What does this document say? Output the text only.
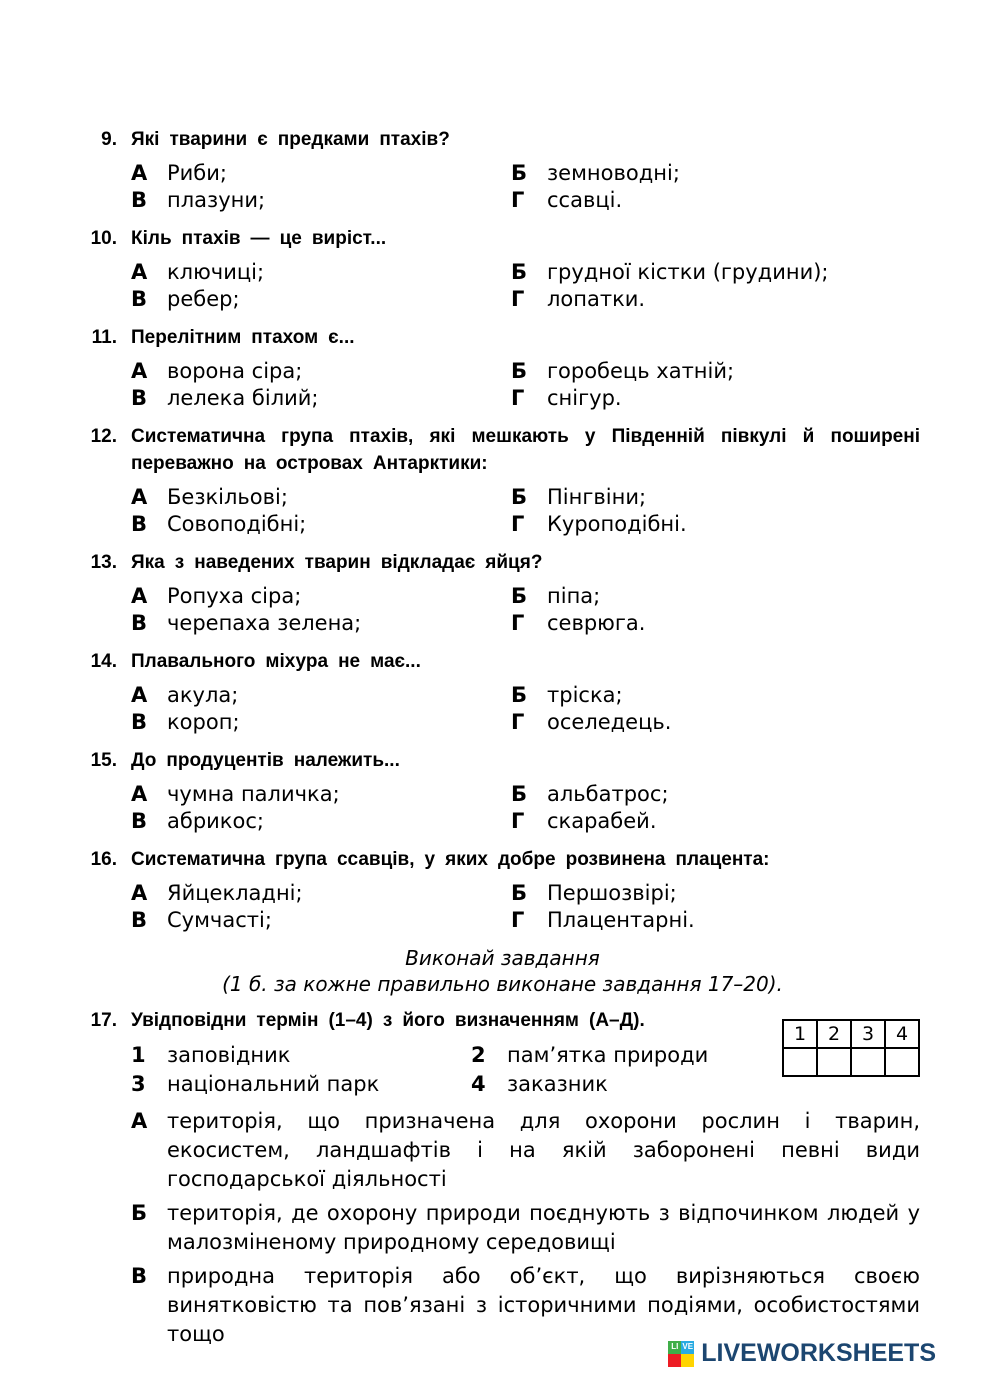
9. Які тварини є предками птахів?
А Риби;	Б земноводні;
В плазуни;	Г	ссавці.
10. Кіль птахів — це виріст...
А ключиці;	Б грудної кістки (грудини);
В ребер;	Г	лопатки.
11. Перелітним птахом є...
А ворона сіра;	Б горобець хатній;
В лелека білий;	Г	снігур.
12. Систематична група птахів, які мешкають у Південній півкулі й поширені переважно на островах Антарктики:
А Безкільові;	Б Пінгвіни;
В Совоподібні;	Г	Куроподібні.
13. Яка з наведених тварин відкладає яйця?
А Ропуха сіра;	Б піпа;
В черепаха зелена;	Г	севрюга.
14. Плавального міхура не має...
А акула;	Б тріска;
В короп;	Г	оселедець.
15. До продуцентів належить...
А чумна паличка;	Б альбатрос;
В абрикос;	Г	скарабей.
16. Систематична група ссавців, у яких добре розвинена плацента:
А Яйцекладні;	Б Першозвірі;
В Сумчасті;	Г	Плацентарні.
Виконай завдання
(1 б. за кожне правильно виконане завдання 17–20).
17. Увідповідни термін (1–4) з його визначенням (А–Д).
1	заповідник	2	пам’ятка природи
3	національний парк	4	заказник
1	2	3	4

А територія, що призначена для охорони рослин і тварин, екосистем, ландшафтів і на якій заборонені певні види господарської діяльності
Б територія, де охорону природи поєднують з відпочинком людей у малозміненому природному середовищі
В природна територія або об’єкт, що вирізняються своєю винятковістю та пов’язані з історичними подіями, особистостями тощо
LI VE LIVEWORKSHEETS
